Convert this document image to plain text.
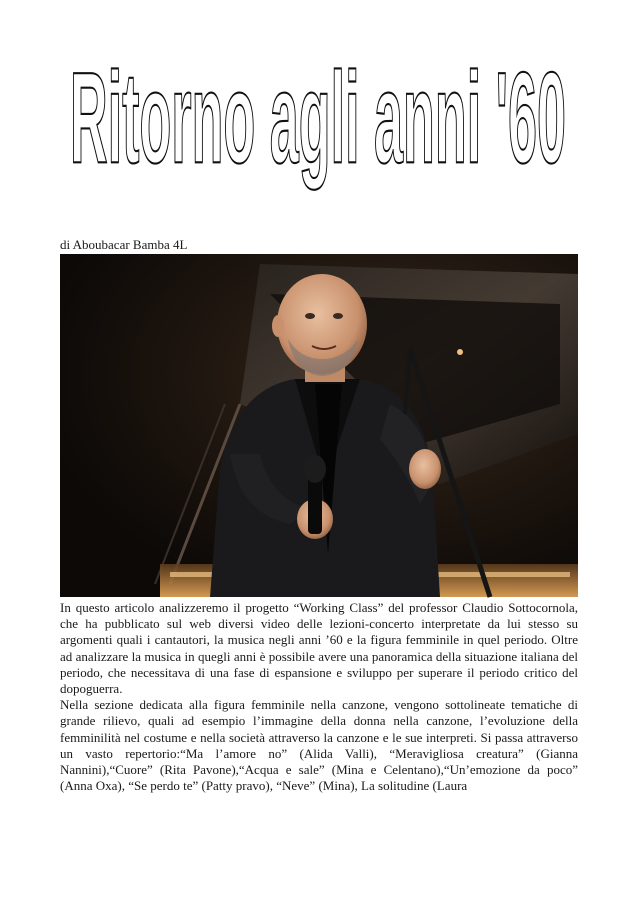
Ritorno agli anni '60
di Aboubacar Bamba 4L

In questo articolo analizzeremo il progetto “Working Class” del professor Claudio Sottocornola, che ha pubblicato sul web diversi video delle lezioni-concerto interpretate da lui stesso su argomenti quali i cantautori, la musica negli anni ’60 e la figura femminile in quel periodo. Oltre ad analizzare la musica in quegli anni è possibile avere una panoramica della situazione italiana del periodo, che necessitava di una fase di espansione e sviluppo per superare il periodo critico del dopoguerra.

Nella sezione dedicata alla figura femminile nella canzone, vengono sottolineate tematiche di grande rilievo, quali ad esempio l’immagine della donna nella canzone, l’evoluzione della femminilità nel costume e nella società attraverso la canzone e le sue interpreti. Si passa attraverso un vasto repertorio:“Ma l’amore no” (Alida Valli), “Meravigliosa creatura” (Gianna Nannini),“Cuore” (Rita Pavone),“Acqua e sale” (Mina e Celentano),“Un’emozione da poco” (Anna Oxa), “Se perdo te” (Patty pravo), “Neve” (Mina), La solitudine (Laura
